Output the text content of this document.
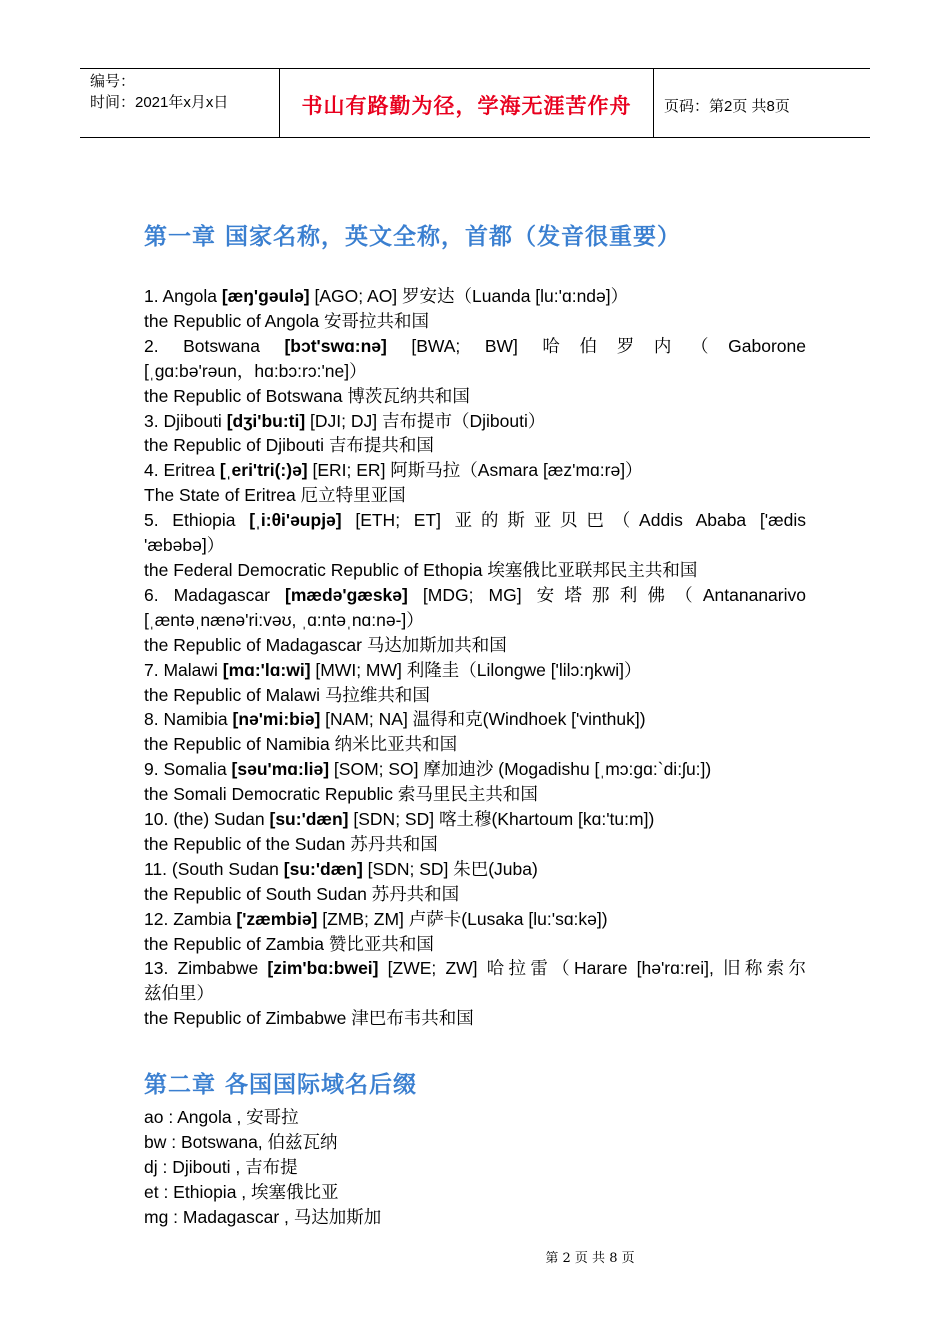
编号：
时间：2021年x月x日	书山有路勤为径，学海无涯苦作舟 页码：第2页 共8页
第一章 国家名称，英文全称，首都（发音很重要）
1. Angola [æŋ'gəulə] [AGO; AO] 罗安达（Luanda [lu:'ɑ:ndə]）
the Republic of Angola 安哥拉共和国
2. Botswana [bɔt'swɑ:nə] [BWA; BW] 哈伯罗内（Gaborone
[ˌgɑ:bə'rəun，hɑ:bɔ:rɔ:'ne]）
the Republic of Botswana 博茨瓦纳共和国
3. Djibouti [dʒi'bu:ti] [DJI; DJ] 吉布提市（Djibouti）
the Republic of Djibouti 吉布提共和国
4. Eritrea [ˌeri'tri(:)ə] [ERI; ER] 阿斯马拉（Asmara [æz'mɑ:rə]）
The State of Eritrea 厄立特里亚国
5. Ethiopia [ˌi:θi'əupjə] [ETH; ET] 亚的斯亚贝巴（Addis Ababa ['ædis
'æbəbə]）
the Federal Democratic Republic of Ethopia 埃塞俄比亚联邦民主共和国
6. Madagascar [mædə'gæskə] [MDG; MG] 安塔那利佛（Antananarivo
[ˌæntəˌnænə'ri:vəʊ, ˌɑ:ntəˌnɑ:nə-]）
the Republic of Madagascar 马达加斯加共和国
7. Malawi [mɑ:'lɑ:wi] [MWI; MW] 利隆圭（Lilongwe ['lilɔ:ŋkwi]）
the Republic of Malawi 马拉维共和国
8. Namibia [nə'mi:biə] [NAM; NA] 温得和克(Windhoek ['vinthuk])
the Republic of Namibia 纳米比亚共和国
9. Somalia [səu'mɑ:liə] [SOM; SO] 摩加迪沙 (Mogadishu [ˌmɔ:gɑ:`di:ʃu:])
the Somali Democratic Republic 索马里民主共和国
10. (the) Sudan [su:'dæn] [SDN; SD] 喀土穆(Khartoum [kɑ:'tu:m])
the Republic of the Sudan 苏丹共和国
11. (South Sudan [su:'dæn] [SDN; SD] 朱巴(Juba)
the Republic of South Sudan 苏丹共和国
12. Zambia ['zæmbiə] [ZMB; ZM] 卢萨卡(Lusaka [lu:'sɑ:kə])
the Republic of Zambia 赞比亚共和国
13. Zimbabwe [zim'bɑ:bwei] [ZWE; ZW] 哈拉雷（Harare [hə'rɑ:rei], 旧称索尔
兹伯里）
the Republic of Zimbabwe 津巴布韦共和国
第二章 各国国际域名后缀
ao : Angola , 安哥拉
bw : Botswana, 伯兹瓦纳
dj : Djibouti , 吉布提
et : Ethiopia , 埃塞俄比亚
mg : Madagascar , 马达加斯加
第 2 页 共 8 页
